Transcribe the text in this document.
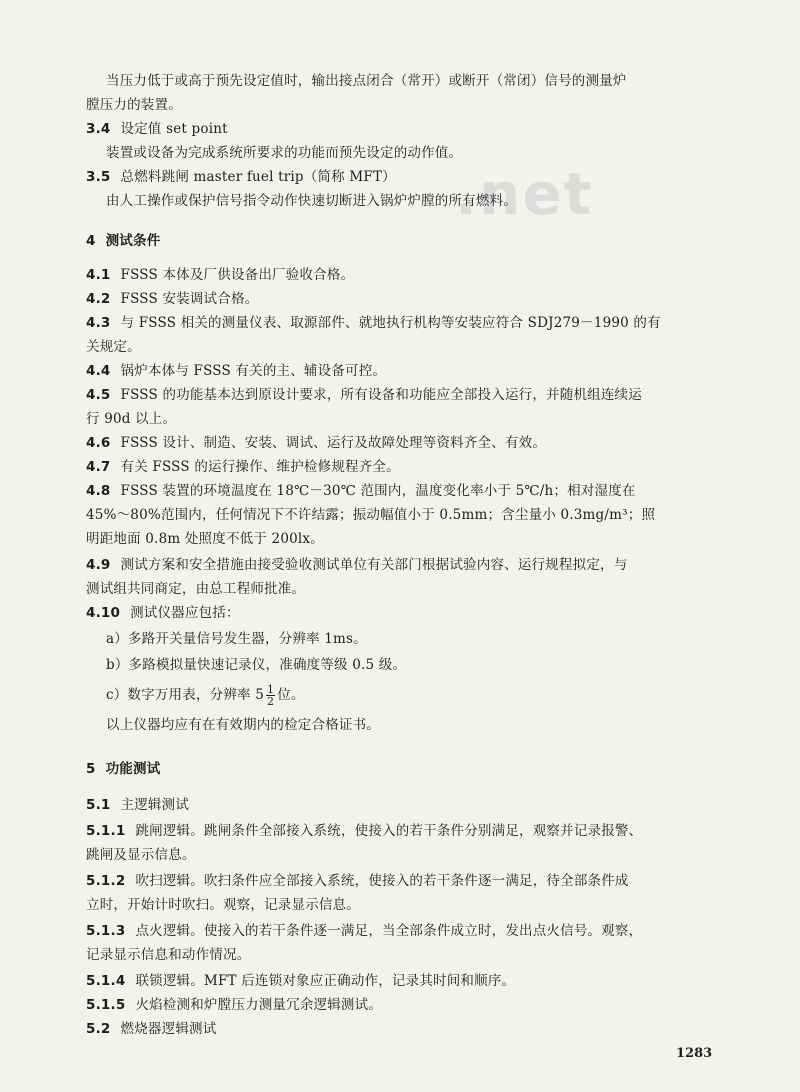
.net
当压力低于或高于预先设定值时，输出接点闭合（常开）或断开（常闭）信号的测量炉
膛压力的装置。
3.4 设定值 set point
装置或设备为完成系统所要求的功能而预先设定的动作值。
3.5 总燃料跳闸 master fuel trip（简称 MFT）
由人工操作或保护信号指令动作快速切断进入锅炉炉膛的所有燃料。
4 测试条件
4.1 FSSS 本体及厂供设备出厂验收合格。
4.2 FSSS 安装调试合格。
4.3 与 FSSS 相关的测量仪表、取源部件、就地执行机构等安装应符合 SDJ279－1990 的有
关规定。
4.4 锅炉本体与 FSSS 有关的主、辅设备可控。
4.5 FSSS 的功能基本达到原设计要求，所有设备和功能应全部投入运行，并随机组连续运
行 90d 以上。
4.6 FSSS 设计、制造、安装、调试、运行及故障处理等资料齐全、有效。
4.7 有关 FSSS 的运行操作、维护检修规程齐全。
4.8 FSSS 装置的环境温度在 18℃－30℃ 范围内，温度变化率小于 5℃/h；相对湿度在
45%～80%范围内，任何情况下不许结露；振动幅值小于 0.5mm；含尘量小 0.3mg/m³；照
明距地面 0.8m 处照度不低于 200lx。
4.9 测试方案和安全措施由接受验收测试单位有关部门根据试验内容、运行规程拟定，与
测试组共同商定，由总工程师批准。
4.10 测试仪器应包括：
a）多路开关量信号发生器，分辨率 1ms。
b）多路模拟量快速记录仪，准确度等级 0.5 级。
c）数字万用表，分辨率 $5 \frac{1}{2}$ 位。
以上仪器均应有在有效期内的检定合格证书。
5 功能测试
5.1 主逻辑测试
5.1.1 跳闸逻辑。跳闸条件全部接入系统，使接入的若干条件分别满足，观察并记录报警、
跳闸及显示信息。
5.1.2 吹扫逻辑。吹扫条件应全部接入系统，使接入的若干条件逐一满足，待全部条件成
立时，开始计时吹扫。观察，记录显示信息。
5.1.3 点火逻辑。使接入的若干条件逐一满足，当全部条件成立时，发出点火信号。观察，
记录显示信息和动作情况。
5.1.4 联锁逻辑。MFT 后连锁对象应正确动作，记录其时间和顺序。
5.1.5 火焰检测和炉膛压力测量冗余逻辑测试。
5.2 燃烧器逻辑测试
1283
